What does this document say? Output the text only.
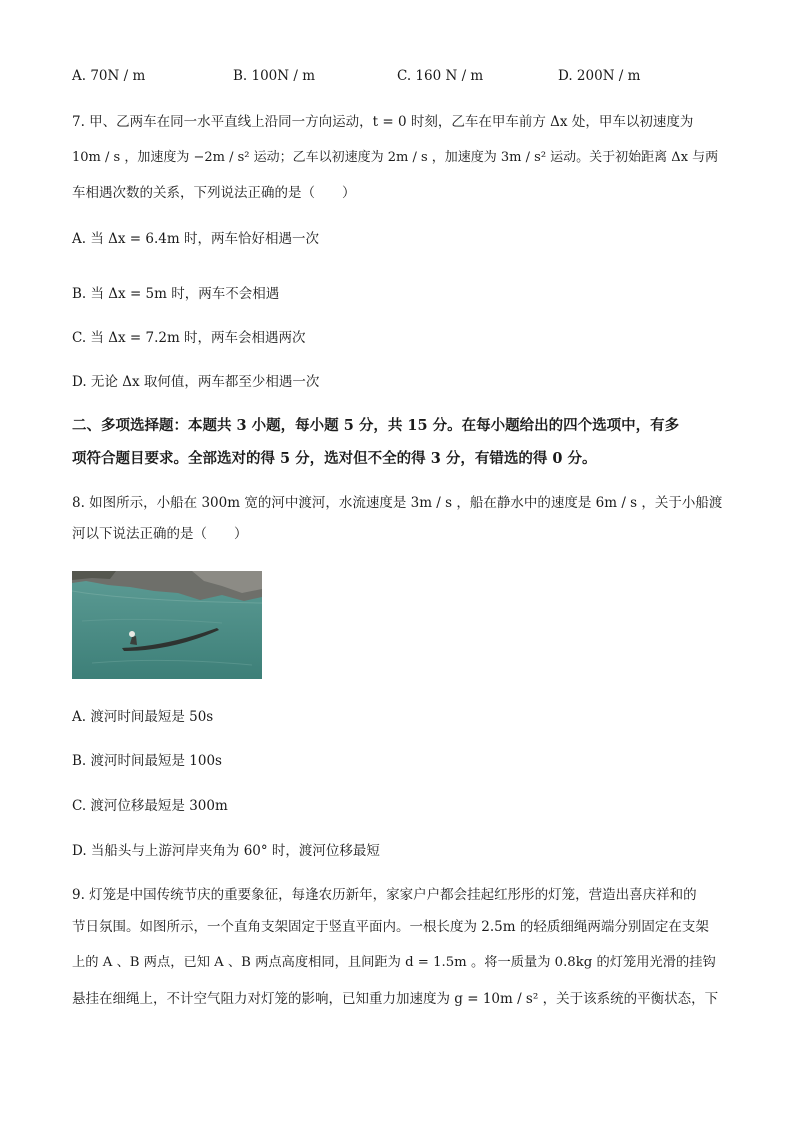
A. 70N / m	B. 100N / m	C. 160 N / m	D. 200N / m
7. 甲、乙两车在同一水平直线上沿同一方向运动，t = 0 时刻，乙车在甲车前方 Δx 处，甲车以初速度为
10m / s ，加速度为 −2m / s² 运动；乙车以初速度为 2m / s ，加速度为 3m / s² 运动。关于初始距离 Δx 与两
车相遇次数的关系，下列说法正确的是（　　）
A. 当 Δx = 6.4m 时，两车恰好相遇一次
B. 当 Δx = 5m 时，两车不会相遇
C. 当 Δx = 7.2m 时，两车会相遇两次
D. 无论 Δx 取何值，两车都至少相遇一次
二、多项选择题：本题共 3 小题，每小题 5 分，共 15 分。在每小题给出的四个选项中，有多
项符合题目要求。全部选对的得 5 分，选对但不全的得 3 分，有错选的得 0 分。
8. 如图所示，小船在 300m 宽的河中渡河，水流速度是 3m / s ，船在静水中的速度是 6m / s ，关于小船渡
河以下说法正确的是（　　）
A. 渡河时间最短是 50s
B. 渡河时间最短是 100s
C. 渡河位移最短是 300m
D. 当船头与上游河岸夹角为 60° 时，渡河位移最短
9. 灯笼是中国传统节庆的重要象征，每逢农历新年，家家户户都会挂起红彤彤的灯笼，营造出喜庆祥和的
节日氛围。如图所示，一个直角支架固定于竖直平面内。一根长度为 2.5m 的轻质细绳两端分别固定在支架
上的 A 、B 两点，已知 A 、B 两点高度相同，且间距为 d = 1.5m 。将一质量为 0.8kg 的灯笼用光滑的挂钩
悬挂在细绳上，不计空气阻力对灯笼的影响，已知重力加速度为 g = 10m / s² ，关于该系统的平衡状态，下
